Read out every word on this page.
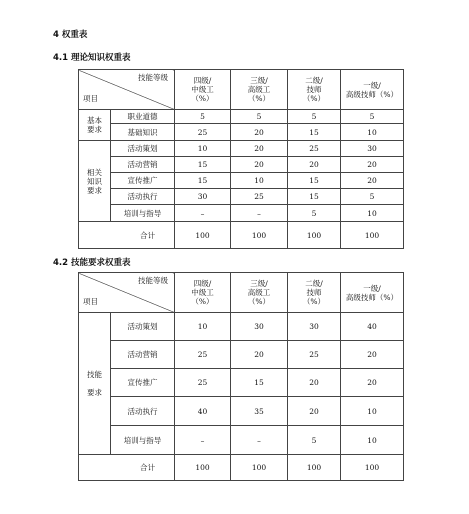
4 权重表
4.1 理论知识权重表
技能等级
项目		四级/
中级工
（%）	三级/
高级工
（%）	二级/
技师
（%）	一级/
高级技师（%）

基本
要求	职业道德	5	5	5	5
	基础知识	25	20	15	10
相关
知识
要求	活动策划	10	20	25	30
	活动营销	15	20	20	20
	宣传推广	15	10	15	20
	活动执行	30	25	15	5
	培训与指导	–	–	5	10
合计		100	100	100	100
4.2 技能要求权重表
技能等级
项目		四级/
中级工
（%）	三级/
高级工
（%）	二级/
技师
（%）	一级/
高级技师（%）

技能

要求	活动策划	10	30	30	40
	活动营销	25	20	25	20
	宣传推广	25	15	20	20
	活动执行	40	35	20	10
	培训与指导	–	–	5	10
合计		100	100	100	100
